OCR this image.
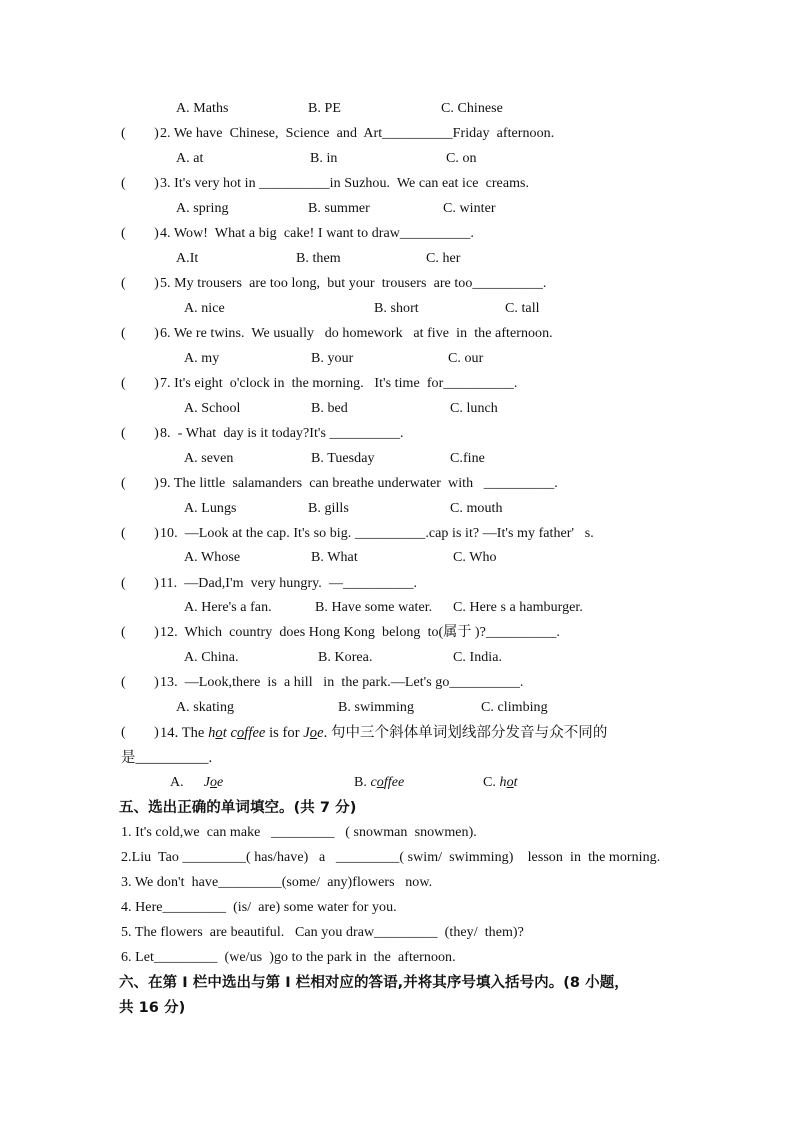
A. Maths	B. PE	C. Chinese
(        ) 2. We have  Chinese,  Science  and  Art__________Friday  afternoon.
A. at	B. in	C. on
(        ) 3. It's very hot in __________in Suzhou.  We can eat ice  creams.
A. spring	B. summer	C. winter
(        ) 4. Wow!  What a big  cake! I want to draw__________.
A.It	B. them	C. her
(        ) 5. My trousers  are too long,  but your  trousers  are too__________.
A. nice	B. short	C. tall
(        ) 6. We re twins.  We usually   do homework   at five  in  the afternoon.
A. my	B. your	C. our
(        ) 7. It's eight  o'clock in  the morning.   It's time  for__________.
A. School	B. bed	C. lunch
(        ) 8.  - What  day is it today?It's __________.
A. seven	B. Tuesday	C.fine
(        ) 9. The little  salamanders  can breathe underwater  with   __________.
A. Lungs	B. gills	C. mouth
(        ) 10.  —Look at the cap. It's so big. __________.cap is it? —It's my father'   s.
A. Whose	B. What	C. Who
(        ) 11.  —Dad,I'm  very hungry.  —__________.
A. Here's a fan.	B. Have some water. C. Here s a hamburger.
(        ) 12.  Which  country  does Hong Kong  belong  to(属于 )?__________.
A. China.	B. Korea.	C. India.
(        ) 13.  —Look,there  is  a hill   in  the park.—Let's go__________.
A. skating	B. swimming	C. climbing
(        ) 14. The hot coffee is for Joe. 句中三个斜体单词划线部分发音与众不同的
是__________.
A. Joe	B. coffee	C. hot
五、选出正确的单词填空。(共 7 分)
1. It's cold,we  can make   _________   ( snowman  snowmen).
2.Liu  Tao _________( has/have)   a   _________( swim/  swimming)    lesson  in  the morning.
3. We don't  have_________(some/  any)flowers   now.
4. Here_________  (is/  are) some water for you.
5. The flowers  are beautiful.   Can you draw_________  (they/  them)?
6. Let_________  (we/us  )go to the park in  the  afternoon.
六、在第 I 栏中选出与第 I 栏相对应的答语,并将其序号填入括号内。(8 小题，
共 16 分)
